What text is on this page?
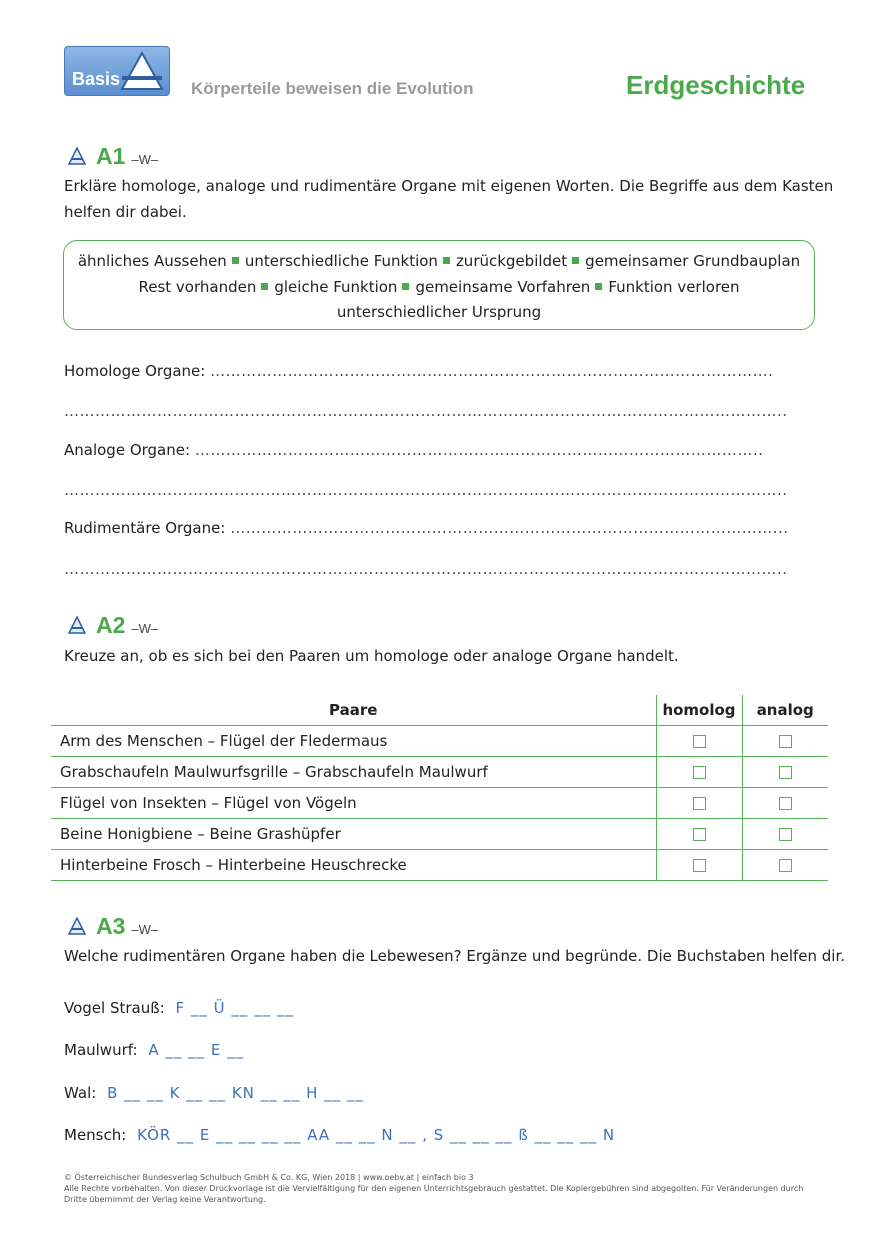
Basis	Körperteile beweisen die Evolution	Erdgeschichte
A1 –W–
Erkläre homologe, analoge und rudimentäre Organe mit eigenen Worten. Die Begriffe aus dem Kasten
helfen dir dabei.
ähnliches Aussehen unterschiedliche Funktion zurückgebildet gemeinsamer Grundbauplan
Rest vorhanden gleiche Funktion gemeinsame Vorfahren Funktion verloren
unterschiedlicher Ursprung
Homologe Organe: ……………………………………………………………………………………………….
…………………………………………………………………………………………………………………………..
Analoge Organe: ………………………………………………………………………………………………..
…………………………………………………………………………………………………………………………..
Rudimentäre Organe: ……………………………………………………………………………………………...
…………………………………………………………………………………………………………………………..
A2 –W–
Kreuze an, ob es sich bei den Paaren um homologe oder analoge Organe handelt.
Paare	homolog	analog
Arm des Menschen – Flügel der Fledermaus		
Grabschaufeln Maulwurfsgrille – Grabschaufeln Maulwurf		
Flügel von Insekten – Flügel von Vögeln		
Beine Honigbiene – Beine Grashüpfer		
Hinterbeine Frosch – Hinterbeine Heuschrecke		
A3 –W–
Welche rudimentären Organe haben die Lebewesen? Ergänze und begründe. Die Buchstaben helfen dir.
Vogel Strauß: F __ Ü __ __ __
Maulwurf: A __ __ E __
Wal: B __ __ K __ __ KN __ __ H __ __
Mensch: KÖR __ E __ __ __ __ AA __ __ N __ , S __ __ __ ß __ __ __ N
© Österreichischer Bundesverlag Schulbuch GmbH & Co. KG, Wien 2018 | www.oebv.at | einfach bio 3
Alle Rechte vorbehalten. Von dieser Druckvorlage ist die Vervielfältigung für den eigenen Unterrichtsgebrauch gestattet. Die Kopiergebühren sind abgegolten. Für Veränderungen durch
Dritte übernimmt der Verlag keine Verantwortung.
